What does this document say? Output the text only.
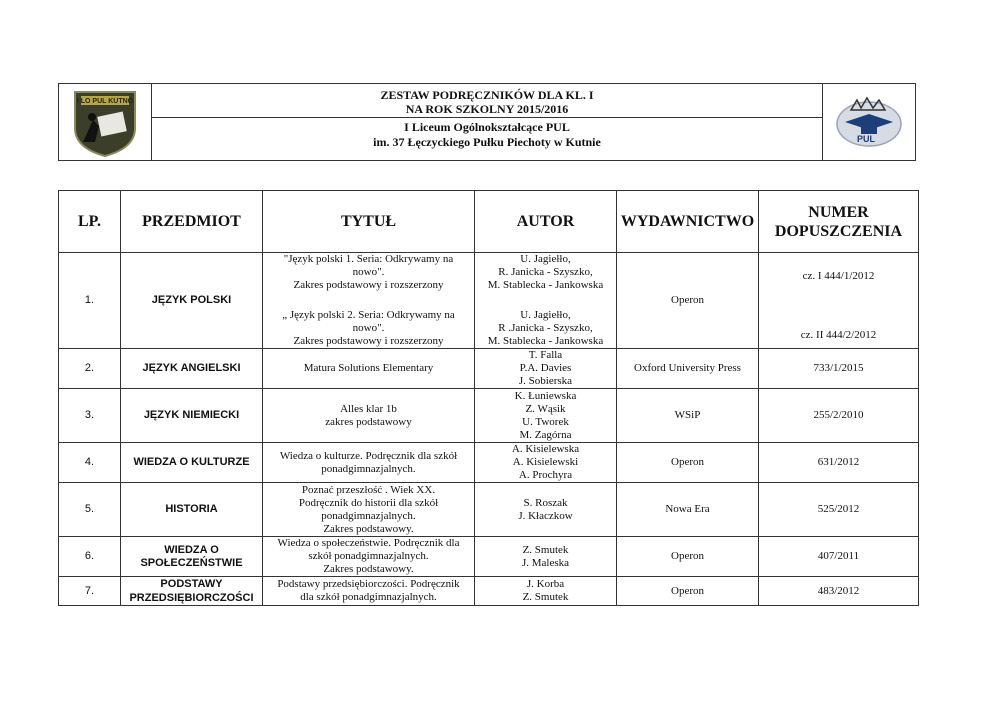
I LO PUL KUTNO
PUL
ZESTAW PODRĘCZNIKÓW DLA KL. I
NA ROK SZKOLNY 2015/2016
I Liceum Ogólnokształcące PUL
im. 37 Łęczyckiego Pułku Piechoty w Kutnie
LP.	PRZEDMIOT	TYTUŁ	AUTOR	WYDAWNICTWO	NUMER DOPUSZCZENIA
1.	JĘZYK POLSKI	"Język polski 1. Seria: Odkrywamy na nowo".
Zakres podstawowy i rozszerzony	U. Jagiełło,
R. Janicka - Szyszko,
M. Stablecka - Jankowska	Operon	cz. I 444/1/2012
		„ Język polski 2. Seria: Odkrywamy na nowo".
Zakres podstawowy i rozszerzony	U. Jagiełło,
R .Janicka - Szyszko,
M. Stablecka - Jankowska		cz. II 444/2/2012
2.	JĘZYK ANGIELSKI	Matura Solutions Elementary	T. Falla
P.A. Davies
J. Sobierska	Oxford University Press	733/1/2015
3.	JĘZYK NIEMIECKI	Alles klar 1b
zakres podstawowy	K. Łuniewska
Z. Wąsik
U. Tworek
M. Zagórna	WSiP	255/2/2010
4.	WIEDZA O KULTURZE	Wiedza o kulturze. Podręcznik dla szkół
ponadgimnazjalnych.	A. Kisielewska
A. Kisielewski
A. Prochyra	Operon	631/2012
5.	HISTORIA	Poznać przeszłość . Wiek XX.
Podręcznik do historii dla szkół
ponadgimnazjalnych.
Zakres podstawowy.	S. Roszak
J. Kłaczkow	Nowa Era	525/2012
6.	WIEDZA O
SPOŁECZEŃSTWIE	Wiedza o społeczeństwie. Podręcznik dla
szkół ponadgimnazjalnych.
Zakres podstawowy.	Z. Smutek
J. Maleska	Operon	407/2011
7.	PODSTAWY
PRZEDSIĘBIORCZOŚCI	Podstawy przedsiębiorczości. Podręcznik
dla szkół ponadgimnazjalnych.	J. Korba
Z. Smutek	Operon	483/2012
